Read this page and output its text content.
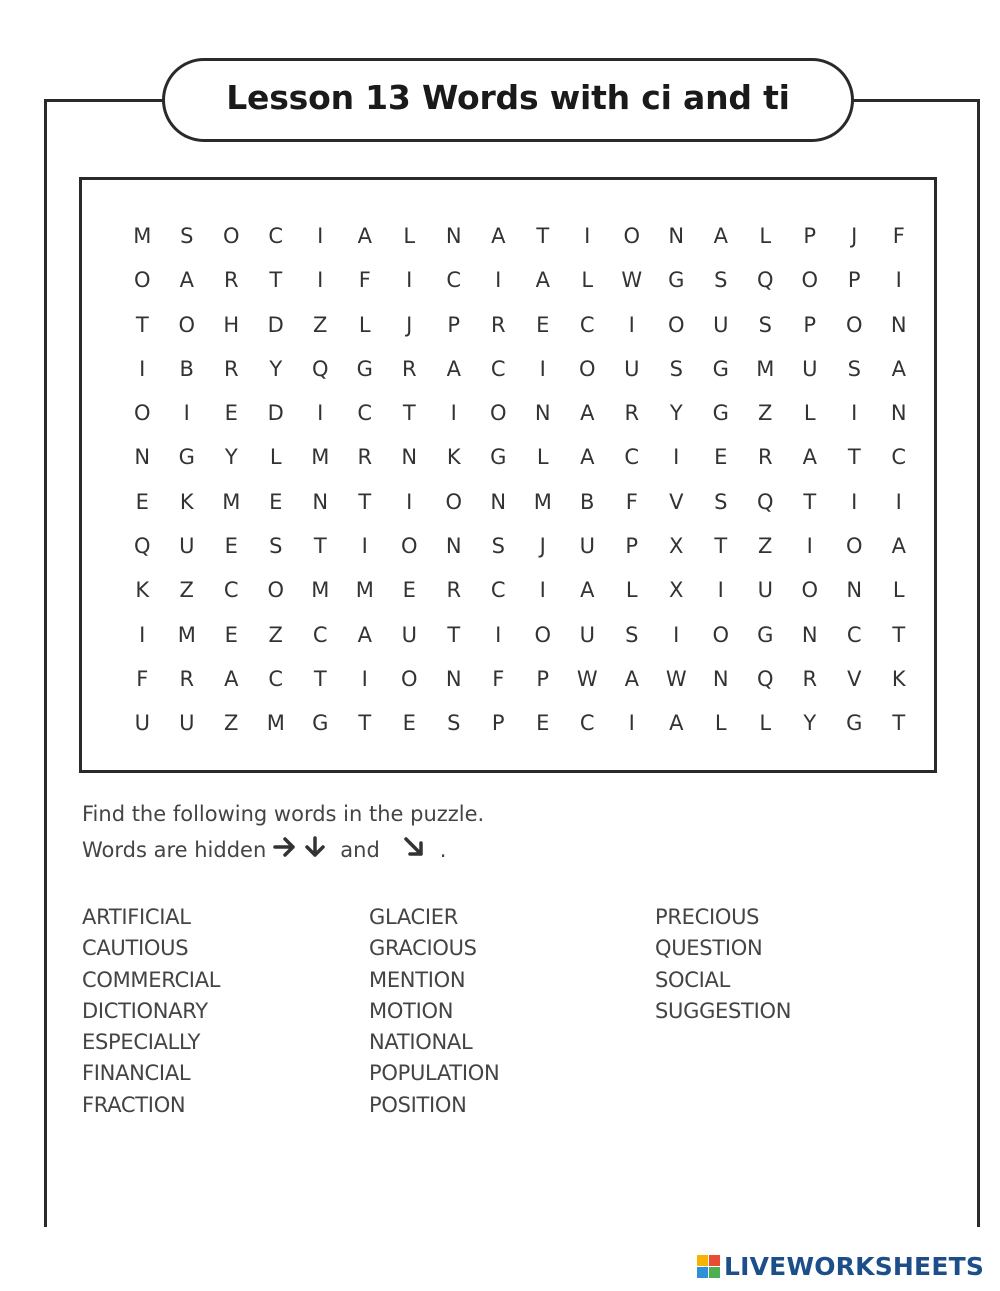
Lesson 13 Words with ci and ti
M	S	O	C	I	A	L	N	A	T	I	O	N	A	L	P	J	F
O	A	R	T	I	F	I	C	I	A	L	W	G	S	Q	O	P	I
T	O	H	D	Z	L	J	P	R	E	C	I	O	U	S	P	O	N
I	B	R	Y	Q	G	R	A	C	I	O	U	S	G	M	U	S	A
O	I	E	D	I	C	T	I	O	N	A	R	Y	G	Z	L	I	N
N	G	Y	L	M	R	N	K	G	L	A	C	I	E	R	A	T	C
E	K	M	E	N	T	I	O	N	M	B	F	V	S	Q	T	I	I
Q	U	E	S	T	I	O	N	S	J	U	P	X	T	Z	I	O	A
K	Z	C	O	M	M	E	R	C	I	A	L	X	I	U	O	N	L
I	M	E	Z	C	A	U	T	I	O	U	S	I	O	G	N	C	T
F	R	A	C	T	I	O	N	F	P	W	A	W	N	Q	R	V	K
U	U	Z	M	G	T	E	S	P	E	C	I	A	L	L	Y	G	T
Find the following words in the puzzle.
Words are hidden	and	.
ARTIFICIAL
CAUTIOUS
COMMERCIAL
DICTIONARY
ESPECIALLY
FINANCIAL
FRACTION
GLACIER
GRACIOUS
MENTION
MOTION
NATIONAL
POPULATION
POSITION
PRECIOUS
QUESTION
SOCIAL
SUGGESTION
LIVEWORKSHEETS
